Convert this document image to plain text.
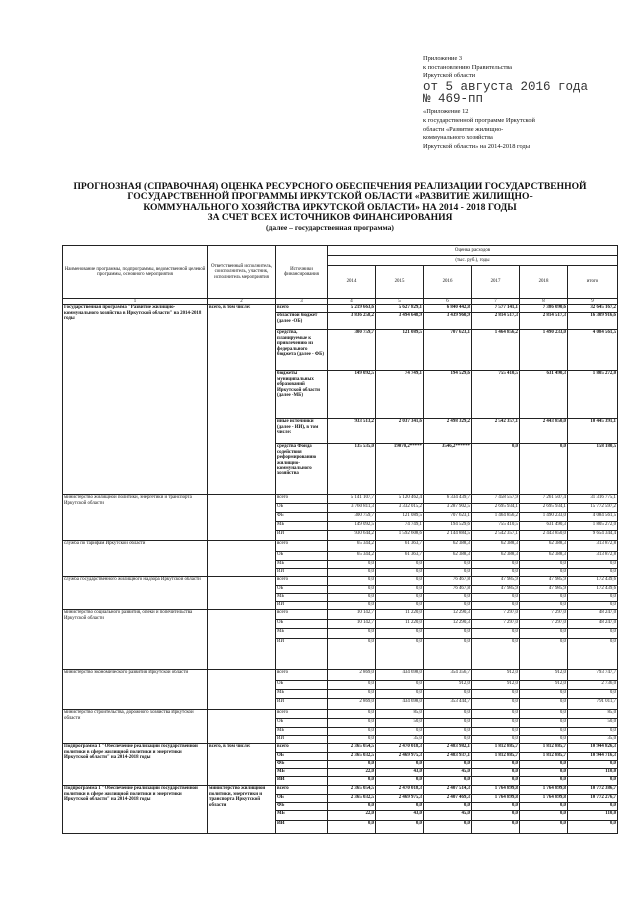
Приложение 3
к постановлению Правительства
Иркутской области
от 5 августа 2016 года
№ 469-пп
«Приложение 12
к государственной программе Иркутской
области «Развитие жилищно-
коммунального хозяйства
Иркутской области» на 2014-2018 годы
ПРОГНОЗНАЯ (СПРАВОЧНАЯ) ОЦЕНКА РЕСУРСНОГО ОБЕСПЕЧЕНИЯ РЕАЛИЗАЦИИ ГОСУДАРСТВЕННОЙ
ГОСУДАРСТВЕННОЙ ПРОГРАММЫ ИРКУТСКОЙ ОБЛАСТИ «РАЗВИТИЕ ЖИЛИЩНО-
КОММУНАЛЬНОГО ХОЗЯЙСТВА ИРКУТСКОЙ ОБЛАСТИ» НА 2014 - 2018 ГОДЫ
ЗА СЧЕТ ВСЕХ ИСТОЧНИКОВ ФИНАНСИРОВАНИЯ
(далее – государственная программа)
Наименование программы, подпрограммы, ведомственной целевой программы, основного мероприятия	Ответственный исполнитель, соисполнитель, участник, исполнитель мероприятия	Источники финансирования	Оценка расходов					
			(тыс. руб.), годы					
			2014	2015	2016	2017	2018	итого
1	2	3	4	5	6	7	8	9
Государственная программа "Развитие жилищно-коммунального хозяйства в Иркутской области" на 2014-2018 годы	всего, в том числе:	всего	5 219 663,6	5 627 829,1	6 840 442,8	7 577 141,1	7 386 090,6	32 645 167,2
		областной бюджет (далее -ОБ)	3 836 258,2	3 494 648,9	3 439 960,9	2 814 517,3	2 814 517,3	16 309 916,6
		средства, планируемые к привлечению из федерального бюджета (далее - ФБ)	300 759,7	121 089,5	707 623,1	1 464 856,2	1 490 233,0	4 084 561,5
		бюджеты муниципальных образований Иркутской области (далее -МБ)	149 092,5	74 749,1	194 529,6	755 410,5	631 490,3	1 805 272,0
		иные источники (далее - ИИ), в том числе:	933 513,2	2 037 341,6	2 498 329,2	2 542 357,1	2 443 850,0	10 445 391,1
		средства Фонда содействия реформированию жилищно-коммунального хозяйства	135 535,0	19070,2*****	3546,2******	0,0	0,0	158 180,5
министерство жилищной политики, энергетики и транспорта Иркутской области		всего	5 141 107,7	5 120 462,4	6 334 439,7	7 458 557,9	7 261 507,4	31 316 775,1
		ОБ	3 760 811,3	3 332 015,2	3 287 902,5	2 695 934,1	2 695 934,1	15 772 597,2
		ФБ	300 759,7	121 089,5	707 623,1	1 464 856,2	1 490 233,0	4 084 561,5
		МБ	149 092,5	74 749,1	194 529,6	755 410,5	631 490,3	1 805 272,0
		ИИ	930 644,2	1 592 608,6	2 144 884,5	2 542 357,1	2 443 850,0	9 654 344,4
служба по тарифам Иркутской области		всего	65 344,2	61 363,7	62 388,3	62 388,3	62 388,3	313 872,8
		ОБ	65 344,2	61 363,7	62 388,3	62 388,3	62 388,3	313 872,8
		МБ	0,0	0,0	0,0	0,0	0,0	0,0
		ИИ	0,0	0,0	0,0	0,0	0,0	0,0
служба государственного жилищного надзора Иркутской области		всего	0,0	0,0	76 467,8	47 985,9	47 985,9	172 439,6
		ОБ	0,0	0,0	76 467,8	47 985,9	47 985,9	172 439,6
		МБ	0,0	0,0	0,0	0,0	0,0	0,0
		ИИ	0,0	0,0	0,0	0,0	0,0	0,0
министерство социального развития, опеки и попечительства Иркутской области		всего	10 142,7	11 220,0	12 290,3	7 297,0	7 297,0	48 247,0
		ОБ	10 142,7	11 220,0	12 290,3	7 297,0	7 297,0	48 247,0
		МБ	0,0	0,0	0,0	0,0	0,0	0,0
		ИИ	0,0	0,0	0,0	0,0	0,0	0,0
министерство экономического развития Иркутской области		всего	2 869,0	434 698,0	354 356,7	912,0	912,0	793 747,7
		ОБ	0,0	0,0	912,0	912,0	912,0	2 736,0
		МБ	0,0	0,0	0,0	0,0	0,0	0,0
		ИИ	2 869,0	434 698,0	353 444,7	0,0	0,0	791 011,7
министерство строительства, дорожного хозяйства Иркутской области		всего	0,0	85,0	0,0	0,0	0,0	85,0
		ОБ	0,0	50,0	0,0	0,0	0,0	50,0
		МБ	0,0	0,0	0,0	0,0	0,0	0,0
		ИИ	0,0	35,0	0,0	0,0	0,0	35,0
Подпрограмма 1 "Обеспечение реализации государственной политики в сфере жилищной политики и энергетики Иркутской области" на 2014-2018 годы	всего, в том числе:	всего	2 365 054,5	2 470 018,3	2 483 982,1	1 812 885,7	1 812 885,7	10 944 826,3
		ОБ	2 365 032,5	2 469 975,3	2 483 937,1	1 812 885,7	1 812 885,7	10 944 716,3
		ФБ	0,0	0,0	0,0	0,0	0,0	0,0
		МБ	22,0	43,0	45,0	0,0	0,0	110,0
		ИИ	0,0	0,0	0,0	0,0	0,0	0,0
Подпрограмма 1 "Обеспечение реализации государственной политики в сфере жилищной политики и энергетики Иркутской области" на 2014-2018 годы	министерство жилищной политики, энергетики и транспорта Иркутской области	всего	2 365 054,5	2 470 018,3	2 407 514,3	1 764 899,8	1 764 899,8	10 772 386,7
		ОБ	2 365 032,5	2 469 975,3	2 407 469,3	1 764 899,8	1 764 899,8	10 772 276,7
		ФБ	0,0	0,0	0,0	0,0	0,0	0,0
		МБ	22,0	43,0	45,0	0,0	0,0	110,0
		ИИ	0,0	0,0	0,0	0,0	0,0	0,0
